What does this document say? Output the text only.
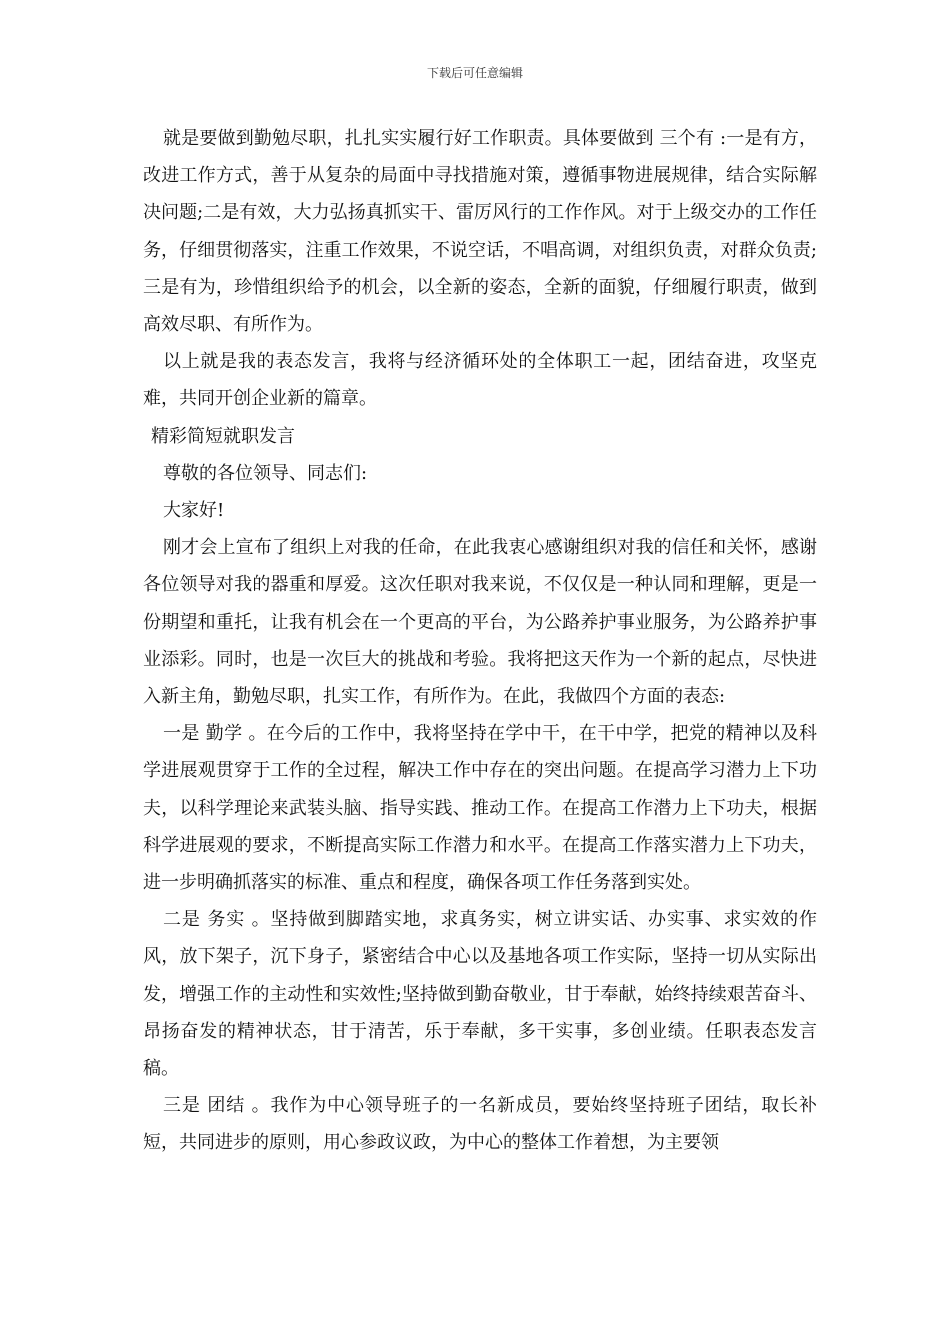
下载后可任意编辑

就是要做到勤勉尽职，扎扎实实履行好工作职责。具体要做到 三个有 :一是有方，改进工作方式，善于从复杂的局面中寻找措施对策，遵循事物进展规律，结合实际解决问题;二是有效，大力弘扬真抓实干、雷厉风行的工作作风。对于上级交办的工作任务，仔细贯彻落实，注重工作效果，不说空话，不唱高调，对组织负责，对群众负责;三是有为，珍惜组织给予的机会，以全新的姿态，全新的面貌，仔细履行职责，做到高效尽职、有所作为。

以上就是我的表态发言，我将与经济循环处的全体职工一起，团结奋进，攻坚克难，共同开创企业新的篇章。

精彩简短就职发言

尊敬的各位领导、同志们:

大家好!

刚才会上宣布了组织上对我的任命，在此我衷心感谢组织对我的信任和关怀，感谢各位领导对我的器重和厚爱。这次任职对我来说，不仅仅是一种认同和理解，更是一份期望和重托，让我有机会在一个更高的平台，为公路养护事业服务，为公路养护事业添彩。同时，也是一次巨大的挑战和考验。我将把这天作为一个新的起点，尽快进入新主角，勤勉尽职，扎实工作，有所作为。在此，我做四个方面的表态:

一是 勤学 。在今后的工作中，我将坚持在学中干，在干中学，把党的精神以及科学进展观贯穿于工作的全过程，解决工作中存在的突出问题。在提高学习潜力上下功夫，以科学理论来武装头脑、指导实践、推动工作。在提高工作潜力上下功夫，根据科学进展观的要求，不断提高实际工作潜力和水平。在提高工作落实潜力上下功夫，进一步明确抓落实的标准、重点和程度，确保各项工作任务落到实处。

二是 务实 。坚持做到脚踏实地，求真务实，树立讲实话、办实事、求实效的作风，放下架子，沉下身子，紧密结合中心以及基地各项工作实际，坚持一切从实际出发，增强工作的主动性和实效性;坚持做到勤奋敬业，甘于奉献，始终持续艰苦奋斗、昂扬奋发的精神状态，甘于清苦，乐于奉献，多干实事，多创业绩。任职表态发言稿。

三是 团结 。我作为中心领导班子的一名新成员，要始终坚持班子团结，取长补短，共同进步的原则，用心参政议政，为中心的整体工作着想，为主要领
